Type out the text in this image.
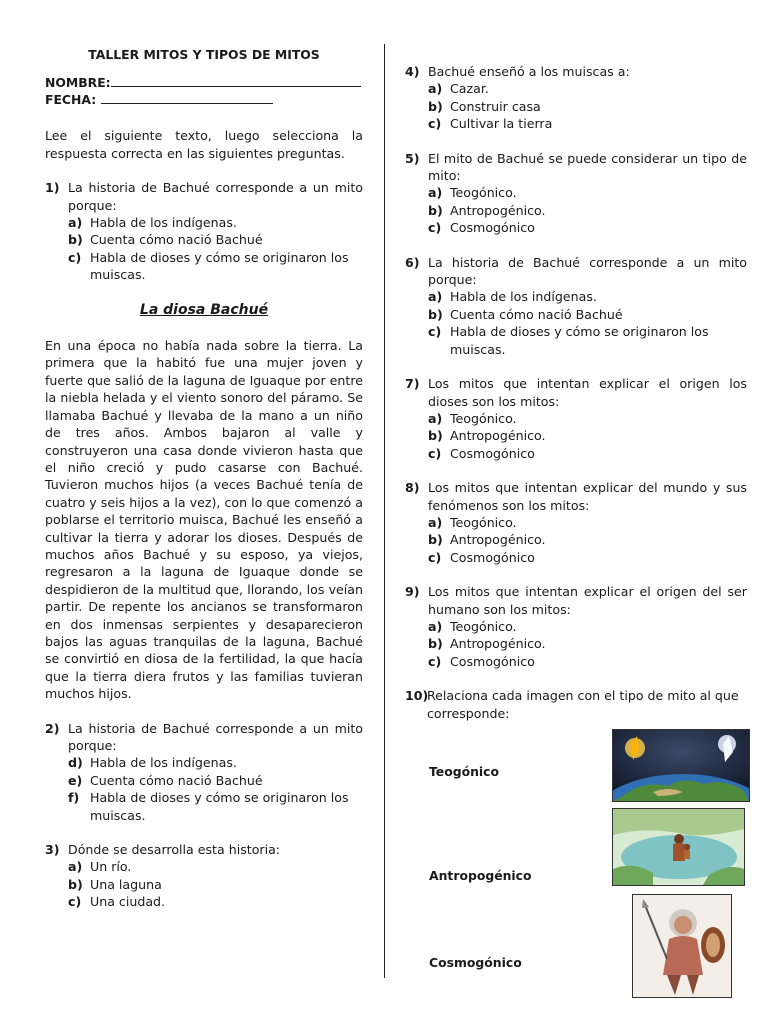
TALLER MITOS Y TIPOS DE MITOS
NOMBRE:
FECHA:
Lee el siguiente texto, luego selecciona la respuesta correcta en las siguientes preguntas.
1) La historia de Bachué corresponde a un mito porque:
a) Habla de los indígenas.
b) Cuenta cómo nació Bachué
c) Habla de dioses y cómo se originaron los muiscas.
La diosa Bachué
En una época no había nada sobre la tierra. La primera que la habitó fue una mujer joven y fuerte que salió de la laguna de Iguaque por entre la niebla helada y el viento sonoro del páramo. Se llamaba Bachué y llevaba de la mano a un niño de tres años. Ambos bajaron al valle y construyeron una casa donde vivieron hasta que el niño creció y pudo casarse con Bachué. Tuvieron muchos hijos (a veces Bachué tenía de cuatro y seis hijos a la vez), con lo que comenzó a poblarse el territorio muisca, Bachué les enseñó a cultivar la tierra y adorar los dioses. Después de muchos años Bachué y su esposo, ya viejos, regresaron a la laguna de Iguaque donde se despidieron de la multitud que, llorando, los veían partir. De repente los ancianos se transformaron en dos inmensas serpientes y desaparecieron bajos las aguas tranquilas de la laguna, Bachué se convirtió en diosa de la fertilidad, la que hacía que la tierra diera frutos y las familias tuvieran muchos hijos.
2) La historia de Bachué corresponde a un mito porque:
d) Habla de los indígenas.
e) Cuenta cómo nació Bachué
f) Habla de dioses y cómo se originaron los muiscas.
3) Dónde se desarrolla esta historia:
a) Un río.
b) Una laguna
c) Una ciudad.
4) Bachué enseñó a los muiscas a:
a) Cazar.
b) Construir casa
c) Cultivar la tierra
5) El mito de Bachué se puede considerar un tipo de mito:
a) Teogónico.
b) Antropogénico.
c) Cosmogónico
6) La historia de Bachué corresponde a un mito porque:
a) Habla de los indígenas.
b) Cuenta cómo nació Bachué
c) Habla de dioses y cómo se originaron los muiscas.
7) Los mitos que intentan explicar el origen los dioses son los mitos:
a) Teogónico.
b) Antropogénico.
c) Cosmogónico
8) Los mitos que intentan explicar del mundo y sus fenómenos son los mitos:
a) Teogónico.
b) Antropogénico.
c) Cosmogónico
9) Los mitos que intentan explicar el origen del ser humano son los mitos:
a) Teogónico.
b) Antropogénico.
c) Cosmogónico
10)
Relaciona cada imagen con el tipo de mito al que corresponde:
Teogónico
Antropogénico
Cosmogónico
